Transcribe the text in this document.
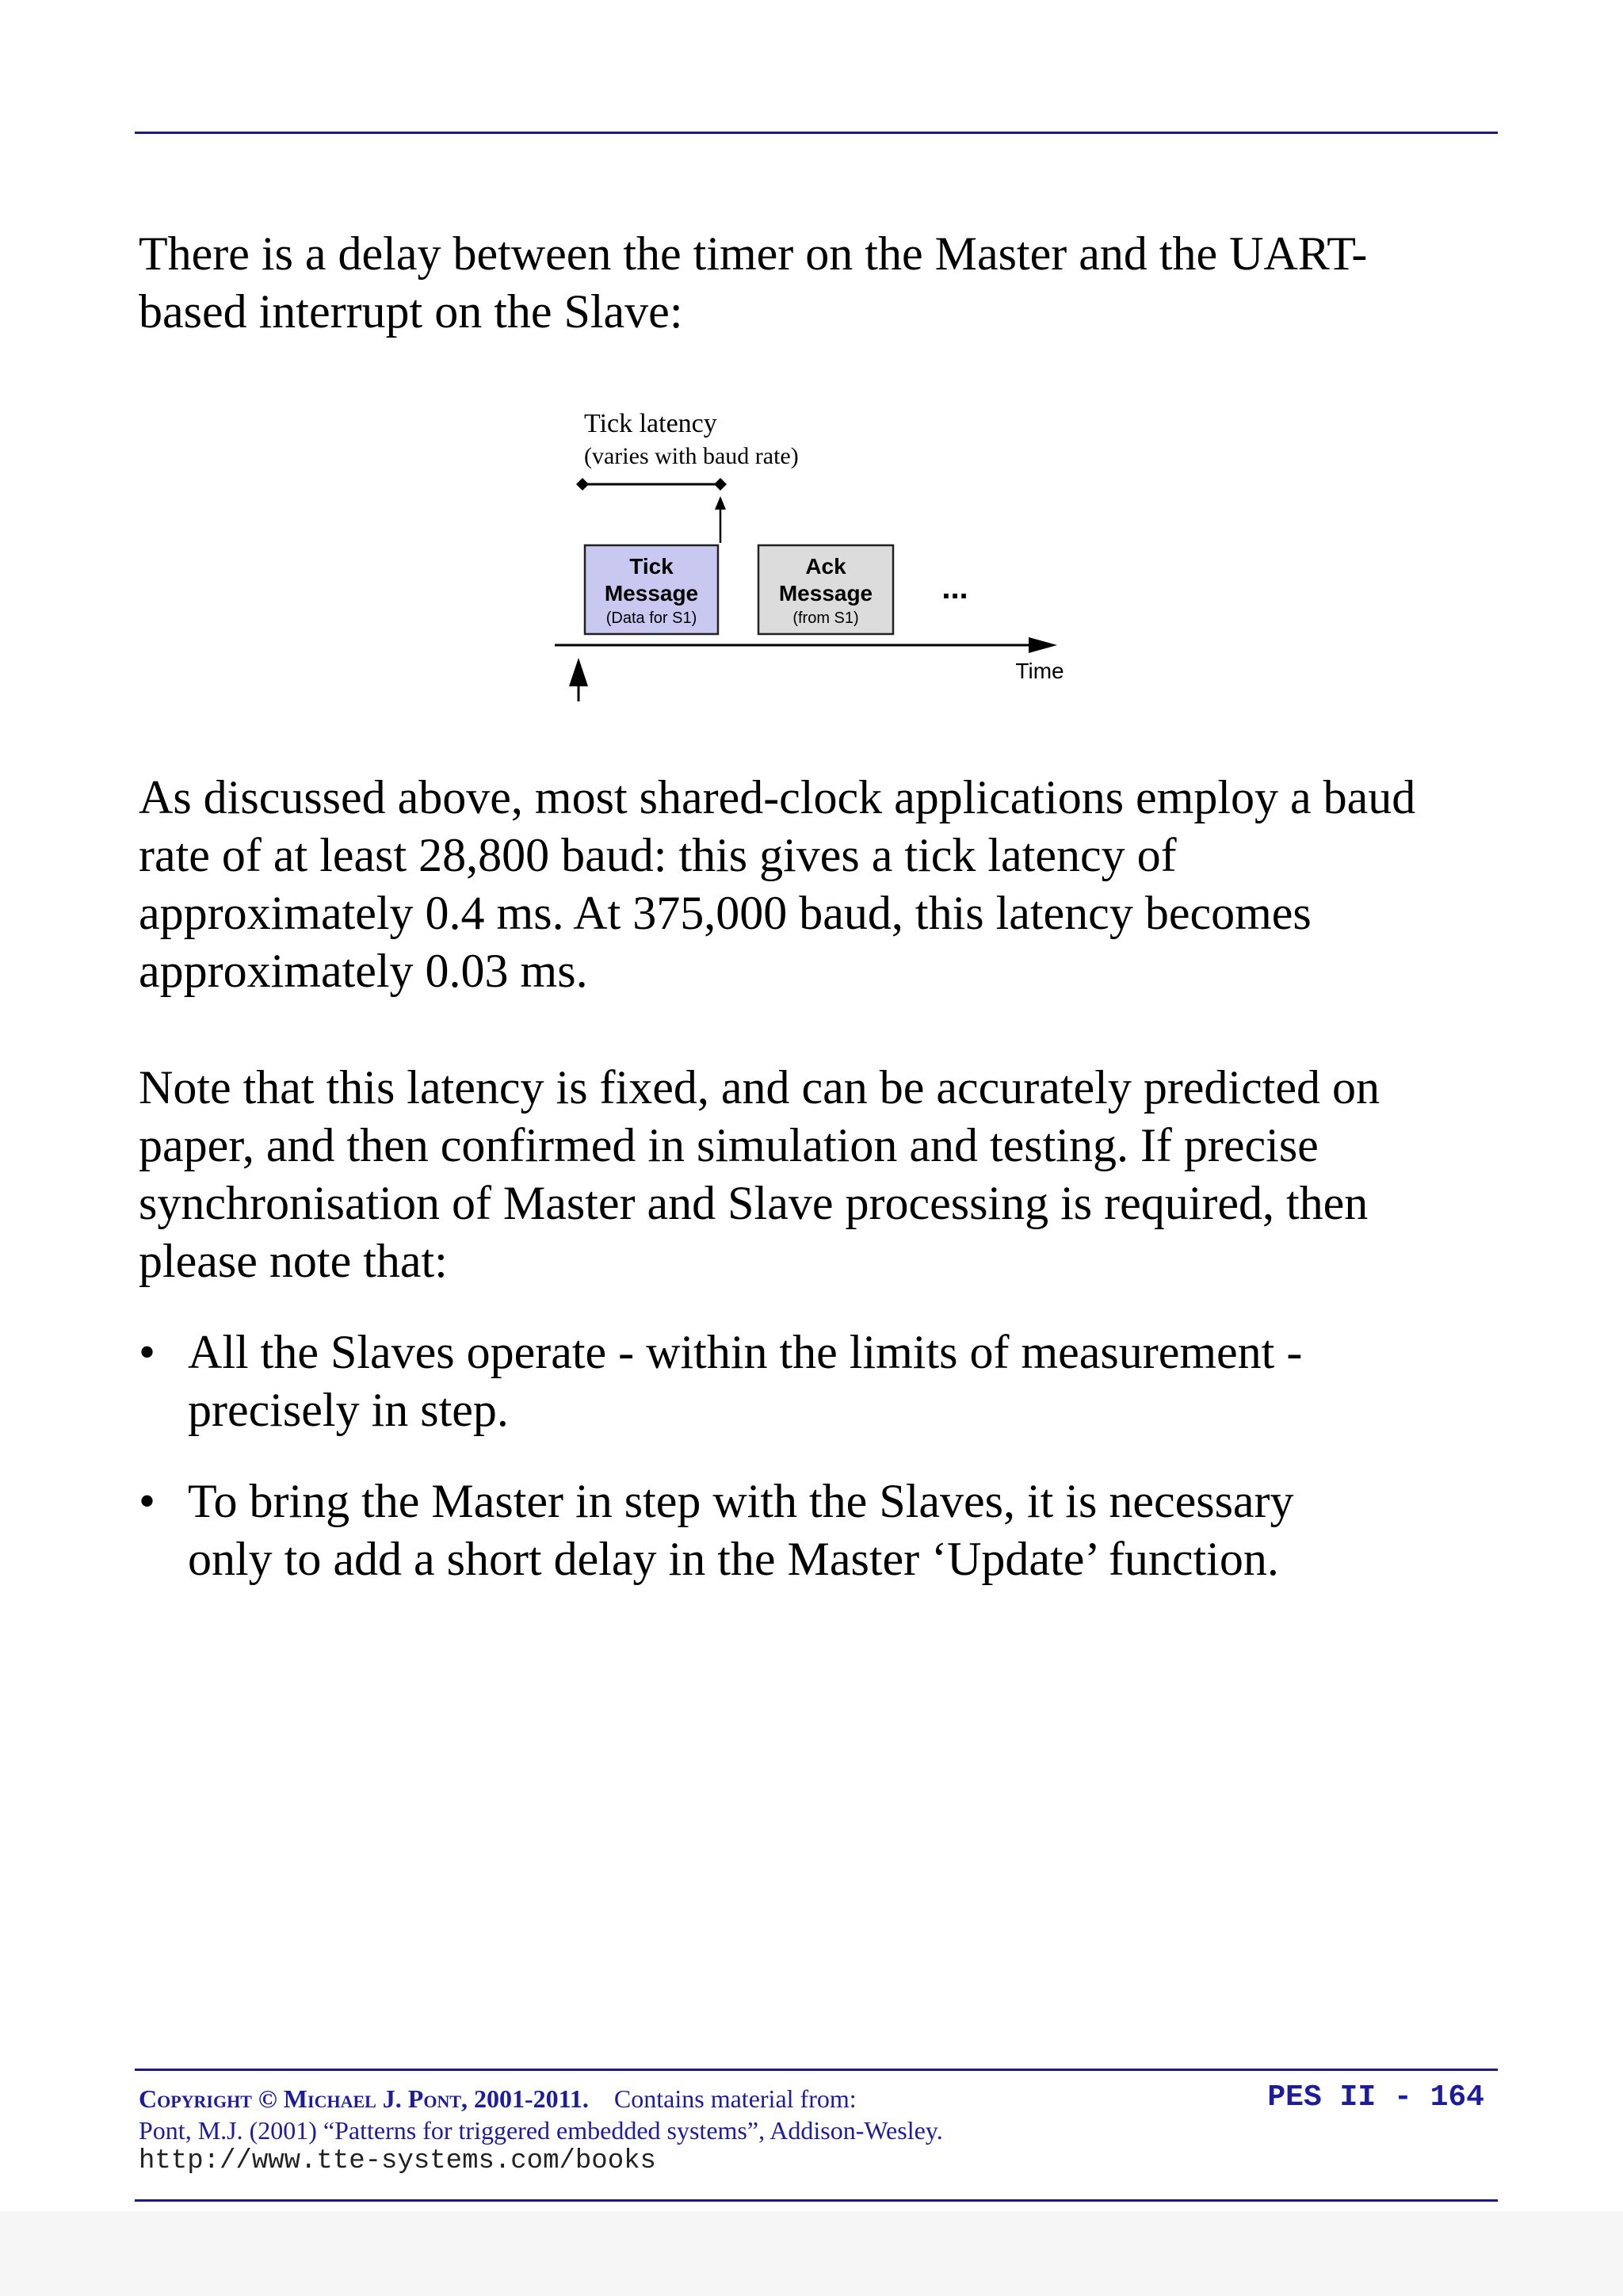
There is a delay between the timer on the Master and the UART-
based interrupt on the Slave:

Tick latency
(varies with baud rate)
Tick
Message
(Data for S1)
Ack
Message
(from S1)
...
Time

As discussed above, most shared-clock applications employ a baud
rate of at least 28,800 baud: this gives a tick latency of
approximately 0.4 ms. At 375,000 baud, this latency becomes
approximately 0.03 ms.

Note that this latency is fixed, and can be accurately predicted on
paper, and then confirmed in simulation and testing. If precise
synchronisation of Master and Slave processing is required, then
please note that:

• All the Slaves operate - within the limits of measurement -
precisely in step.
• To bring the Master in step with the Slaves, it is necessary
only to add a short delay in the Master ‘Update’ function.
Copyright © Michael J. Pont, 2001-2011. Contains material from:
Pont, M.J. (2001) “Patterns for triggered embedded systems”, Addison-Wesley.
http://www.tte-systems.com/books
PES II - 164
